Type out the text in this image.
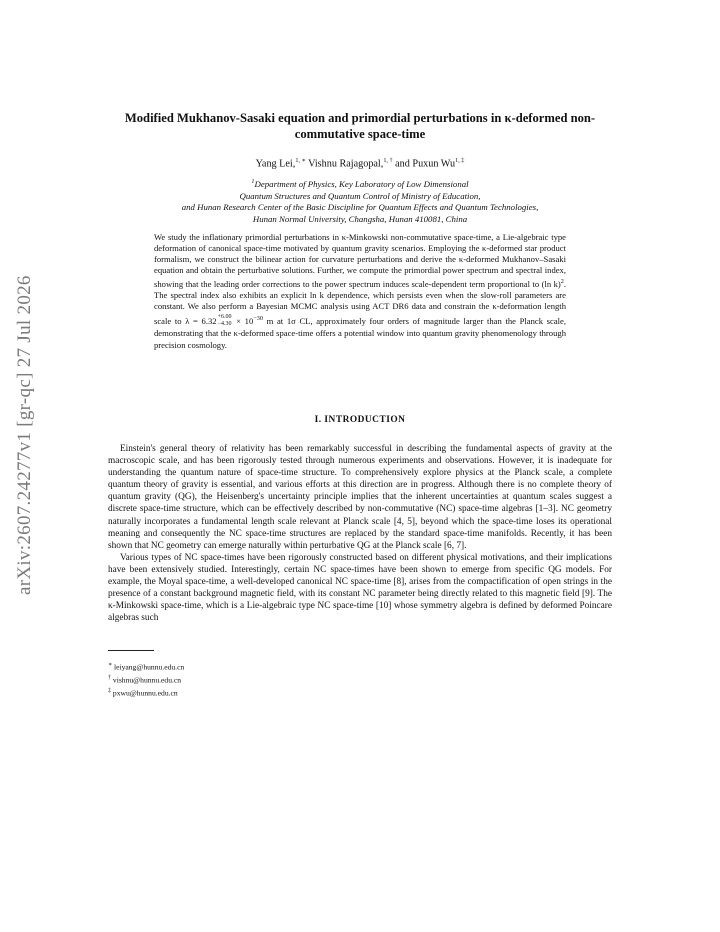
arXiv:2607.24277v1 [gr-qc] 27 Jul 2026
Modified Mukhanov-Sasaki equation and primordial perturbations in κ-deformed non-commutative space-time
Yang Lei,$^{1, ∗}$ Vishnu Rajagopal,$^{1, \dagger}$ and Puxun $Wu^{1, \ddagger}$
$^1$Department of Physics, Key Laboratory of Low Dimensional
Quantum Structures and Quantum Control of Ministry of Education,
and Hunan Research Center of the Basic Discipline for Quantum Effects and Quantum Technologies,
Hunan Normal University, Changsha, Hunan 410081, China
We study the inflationary primordial perturbations in κ-Minkowski non-commutative space-time, a Lie-algebraic type deformation of canonical space-time motivated by quantum gravity scenarios. Employing the κ-deformed star product formalism, we construct the bilinear action for curvature perturbations and derive the κ-deformed Mukhanov–Sasaki equation and obtain the perturbative solutions. Further, we compute the primordial power spectrum and spectral index, showing that the leading order corrections to the power spectrum induces scale-dependent term proportional to (ln k)$^2$. The spectral index also exhibits an explicit ln k dependence, which persists even when the slow-roll parameters are constant. We also perform a Bayesian MCMC analysis using ACT DR6 data and constrain the κ-deformation length scale to λ = 6.32 +6.00
$-4.30 \times 10^{-30}$ m at 1σ CL, approximately four orders of magnitude larger than the Planck scale, demonstrating that the κ-deformed space-time offers a potential window into quantum gravity phenomenology through precision cosmology.
I. INTRODUCTION

Einstein's general theory of relativity has been remarkably successful in describing the fundamental aspects of gravity at the macroscopic scale, and has been rigorously tested through numerous experiments and observations. However, it is inadequate for understanding the quantum nature of space-time structure. To comprehensively explore physics at the Planck scale, a complete quantum theory of gravity is essential, and various efforts at this direction are in progress. Although there is no complete theory of quantum gravity (QG), the Heisenberg's uncertainty principle implies that the inherent uncertainties at quantum scales suggest a discrete space-time structure, which can be effectively described by non-commutative (NC) space-time algebras [1–3]. NC geometry naturally incorporates a fundamental length scale relevant at Planck scale [4, 5], beyond which the space-time loses its operational meaning and consequently the NC space-time structures are replaced by the standard space-time manifolds. Recently, it has been shown that NC geometry can emerge naturally within perturbative QG at the Planck scale [6, 7].

Various types of NC space-times have been rigorously constructed based on different physical motivations, and their implications have been extensively studied. Interestingly, certain NC space-times have been shown to emerge from specific QG models. For example, the Moyal space-time, a well-developed canonical NC space-time [8], arises from the compactification of open strings in the presence of a constant background magnetic field, with its constant NC parameter being directly related to this magnetic field [9]. The κ-Minkowski space-time, which is a Lie-algebraic type NC space-time [10] whose symmetry algebra is defined by deformed Poincare algebras such

∗ leiyang@hunnu.edu.cn
† vishnu@hunnu.edu.cn
‡ pxwu@hunnu.edu.cn
